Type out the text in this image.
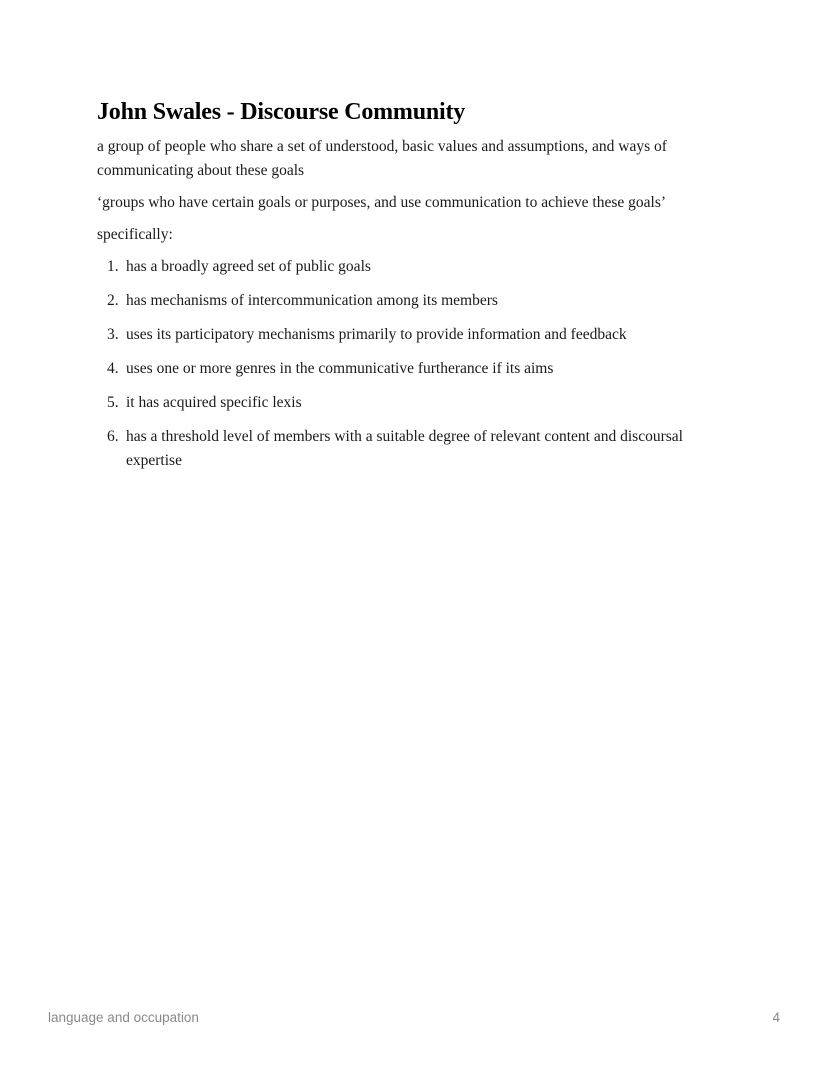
John Swales - Discourse Community

a group of people who share a set of understood, basic values and assumptions, and ways of communicating about these goals

‘groups who have certain goals or purposes, and use communication to achieve these goals’

specifically:

1. has a broadly agreed set of public goals
2. has mechanisms of intercommunication among its members
3. uses its participatory mechanisms primarily to provide information and feedback
4. uses one or more genres in the communicative furtherance if its aims
5. it has acquired specific lexis
6. has a threshold level of members with a suitable degree of relevant content and discoursal expertise
language and occupation	4
